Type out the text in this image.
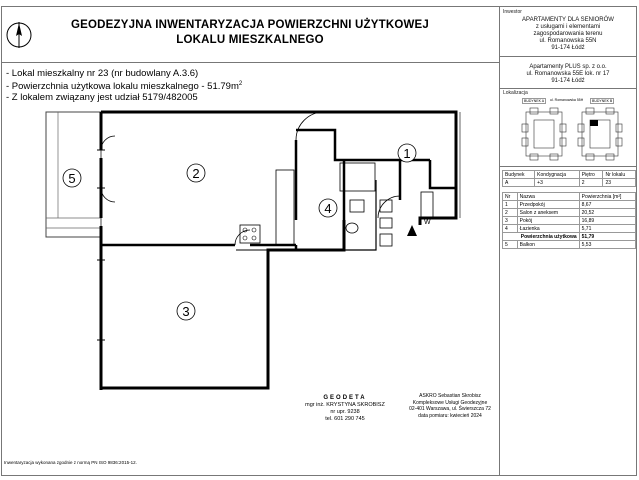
GEODEZYJNA INWENTARYZACJA POWIERZCHNI UŻYTKOWEJ
LOKALU MIESZKALNEGO
- Lokal mieszkalny nr 23 (nr budowlany A.3.6)
- Powierzchnia użytkowa lokalu mieszkalnego - $51.79m^2$
- Z lokalem związany jest udział 5179/482005
W
1
2
3
4
5
Inwestor
APARTAMENTY DLA SENIORÓW
z usługami i elementami
zagospodarowania terenu
ul. Romanowska 55N
91-174 Łódź
Apartamenty PLUS sp. z o.o.
ul. Romanowska 55E lok. nr 17
91-174 Łódź
Lokalizacja
BUDYNEK A	ul. Romanowska 55H	BUDYNEK B
Budynek	Kondygnacja	Piętro	Nr lokalu
A	+3	2	23
Nr	Nazwa	Powierzchnia [m²]
1	Przedpokój	8,67
2	Salon z aneksem	20,52
3	Pokój	16,89
4	Łazienka	5,71
Powierzchnia użytkowa		51,79
5	Balkon	5,53
GEODETA
mgr inż. KRYSTYNA SKROBISZ
nr upr. 9238
tel. 601 290 745
ASKRO Sebastian Skrobisz
Kompleksowe Usługi Geodezyjne
02-401 Warszawa, ul. Świerszcza 72
data pomiaru: kwiecień 2024
Inwentaryzacja wykonana zgodnie z normą PN ISO 9836:2015-12.
